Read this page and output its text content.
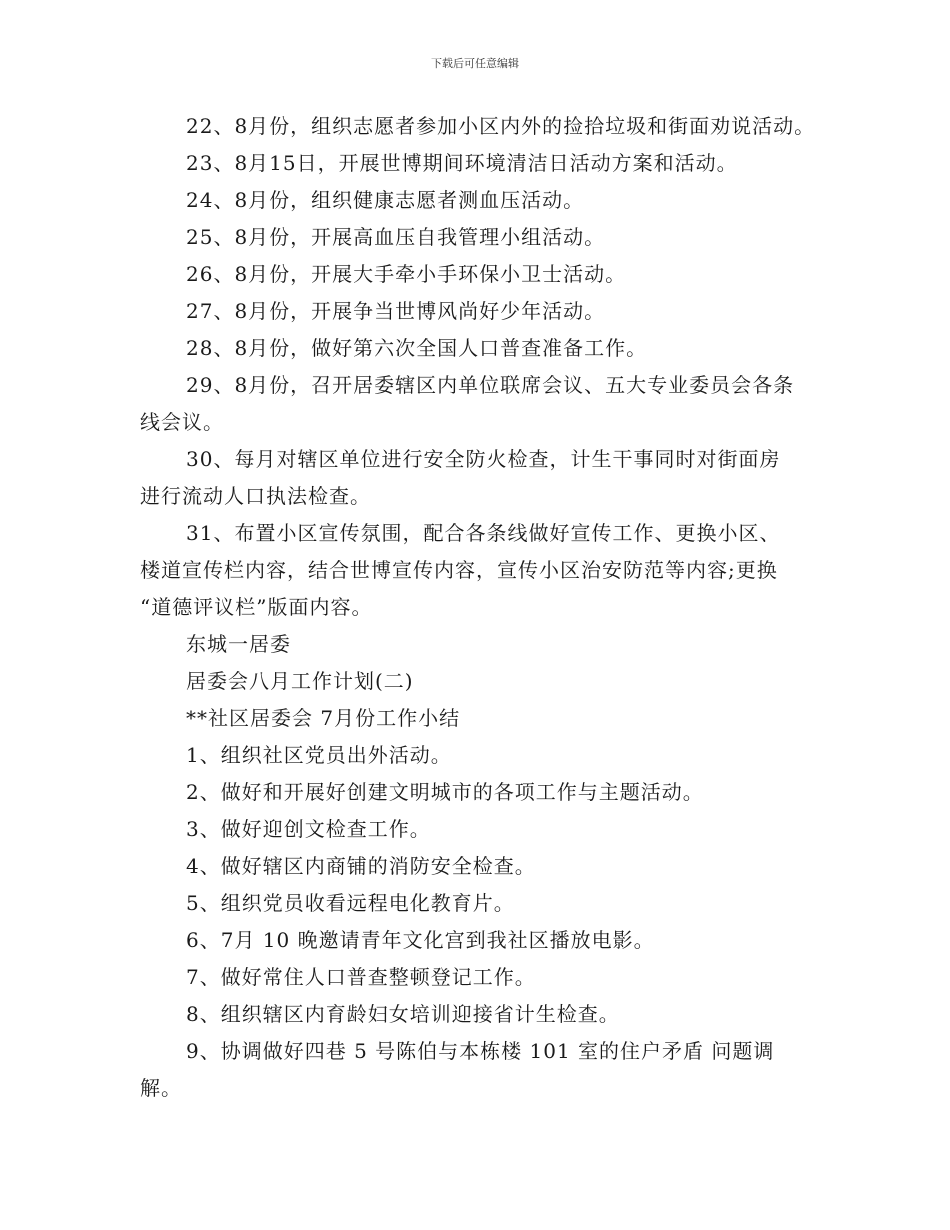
下载后可任意编辑
22、8月份，组织志愿者参加小区内外的捡拾垃圾和街面劝说活动。
23、8月15日，开展世博期间环境清洁日活动方案和活动。
24、8月份，组织健康志愿者测血压活动。
25、8月份，开展高血压自我管理小组活动。
26、8月份，开展大手牵小手环保小卫士活动。
27、8月份，开展争当世博风尚好少年活动。
28、8月份，做好第六次全国人口普查准备工作。
29、8月份，召开居委辖区内单位联席会议、五大专业委员会各条
线会议。
30、每月对辖区单位进行安全防火检查，计生干事同时对街面房
进行流动人口执法检查。
31、布置小区宣传氛围，配合各条线做好宣传工作、更换小区、
楼道宣传栏内容，结合世博宣传内容，宣传小区治安防范等内容;更换
“道德评议栏”版面内容。
东城一居委
居委会八月工作计划(二)
**社区居委会 7月份工作小结
1、组织社区党员出外活动。
2、做好和开展好创建文明城市的各项工作与主题活动。
3、做好迎创文检查工作。
4、做好辖区内商铺的消防安全检查。
5、组织党员收看远程电化教育片。
6、7月 10 晚邀请青年文化宫到我社区播放电影。
7、做好常住人口普查整顿登记工作。
8、组织辖区内育龄妇女培训迎接省计生检查。
9、协调做好四巷 5 号陈伯与本栋楼 101 室的住户矛盾 问题调
解。
